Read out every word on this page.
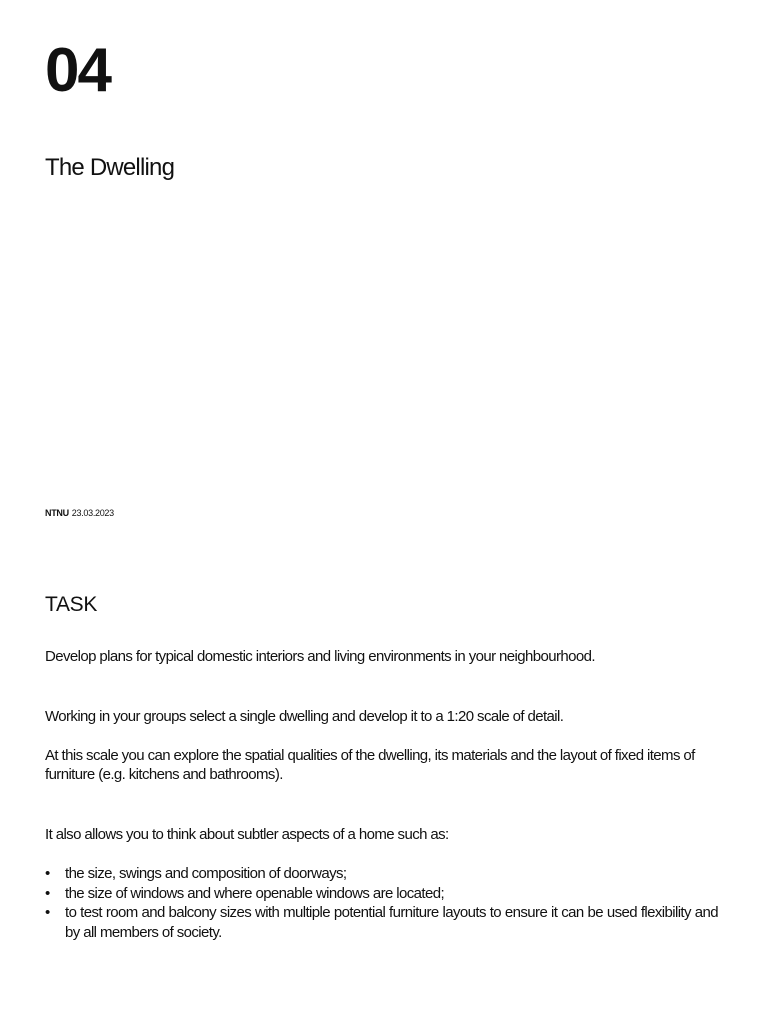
04
The Dwelling
NTNU 23.03.2023
TASK

Develop plans for typical domestic interiors and living environments in your neighbourhood.

Working in your groups select a single dwelling and develop it to a 1:20 scale of detail.

At this scale you can explore the spatial qualities of the dwelling, its materials and the layout of fixed items of furniture (e.g. kitchens and bathrooms).

It also allows you to think about subtler aspects of a home such as:

• the size, swings and composition of doorways;
• the size of windows and where openable windows are located;
• to test room and balcony sizes with multiple potential furniture layouts to ensure it can be used flexibility and by all members of society.
